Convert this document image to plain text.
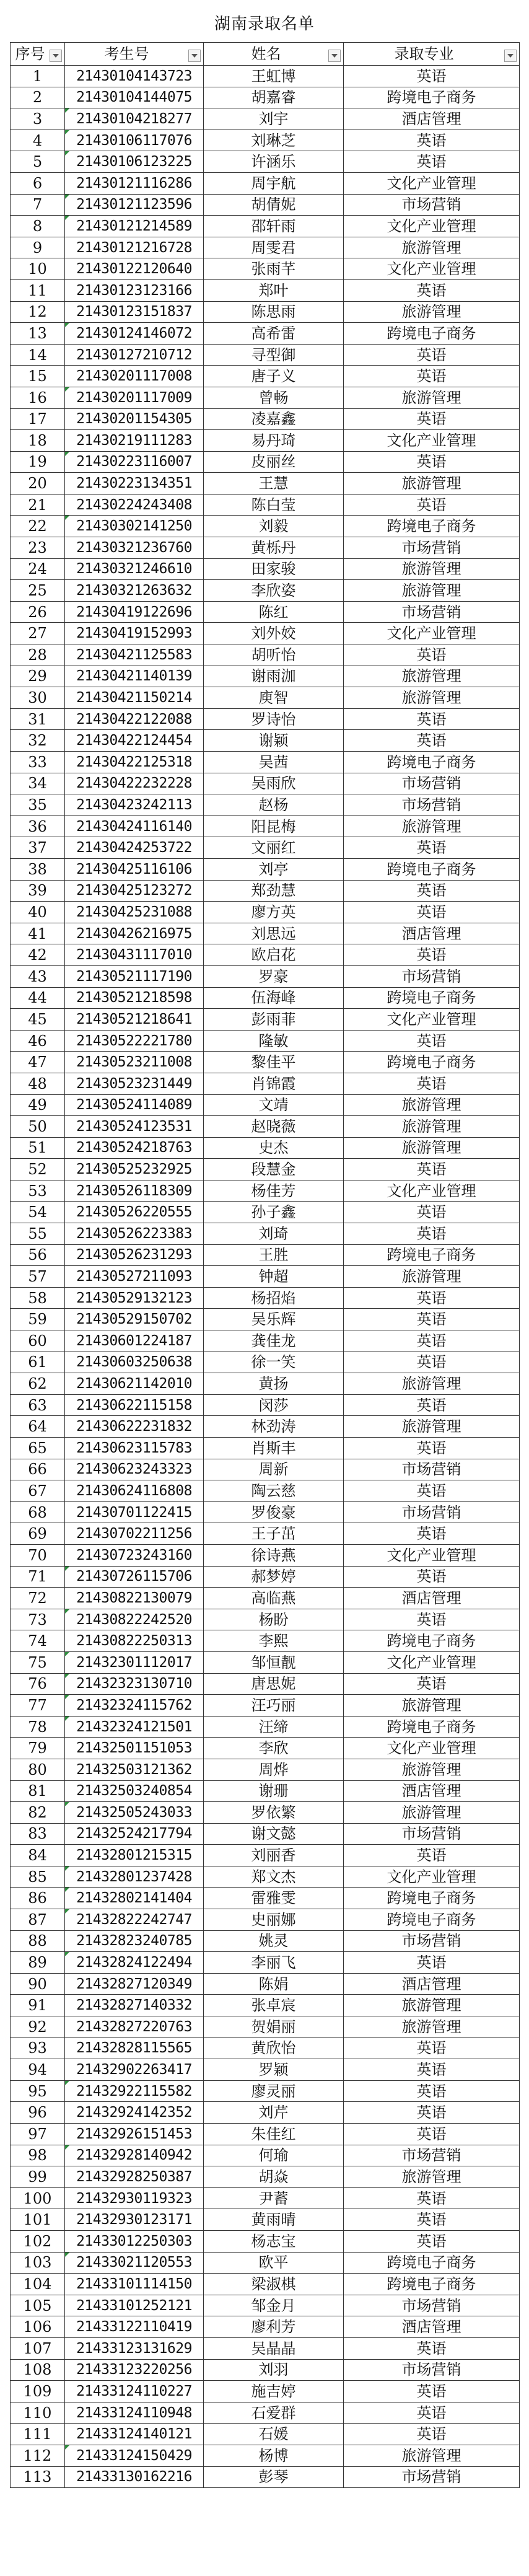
湖南录取名单
序号	考生号	姓名	录取专业
1	21430104143723	王虹博	英语
2	21430104144075	胡嘉睿	跨境电子商务
3	21430104218277	刘宇	酒店管理
4	21430106117076	刘琳芝	英语
5	21430106123225	许涵乐	英语
6	21430121116286	周宇航	文化产业管理
7	21430121123596	胡倩妮	市场营销
8	21430121214589	邵轩雨	文化产业管理
9	21430121216728	周雯君	旅游管理
10	21430122120640	张雨芊	文化产业管理
11	21430123123166	郑叶	英语
12	21430123151837	陈思雨	旅游管理
13	21430124146072	高希雷	跨境电子商务
14	21430127210712	寻型御	英语
15	21430201117008	唐子义	英语
16	21430201117009	曾畅	旅游管理
17	21430201154305	凌嘉鑫	英语
18	21430219111283	易丹琦	文化产业管理
19	21430223116007	皮丽丝	英语
20	21430223134351	王慧	旅游管理
21	21430224243408	陈白莹	英语
22	21430302141250	刘毅	跨境电子商务
23	21430321236760	黄栎丹	市场营销
24	21430321246610	田家骏	旅游管理
25	21430321263632	李欣姿	旅游管理
26	21430419122696	陈红	市场营销
27	21430419152993	刘外姣	文化产业管理
28	21430421125583	胡听怡	英语
29	21430421140139	谢雨泇	旅游管理
30	21430421150214	庾智	旅游管理
31	21430422122088	罗诗怡	英语
32	21430422124454	谢颖	英语
33	21430422125318	吴茜	跨境电子商务
34	21430422232228	吴雨欣	市场营销
35	21430423242113	赵杨	市场营销
36	21430424116140	阳昆梅	旅游管理
37	21430424253722	文丽红	英语
38	21430425116106	刘亭	跨境电子商务
39	21430425123272	郑劲慧	英语
40	21430425231088	廖方英	英语
41	21430426216975	刘思远	酒店管理
42	21430431117010	欧启花	英语
43	21430521117190	罗豪	市场营销
44	21430521218598	伍海峰	跨境电子商务
45	21430521218641	彭雨菲	文化产业管理
46	21430522221780	隆敏	英语
47	21430523211008	黎佳平	跨境电子商务
48	21430523231449	肖锦霞	英语
49	21430524114089	文靖	旅游管理
50	21430524123531	赵晓薇	旅游管理
51	21430524218763	史杰	旅游管理
52	21430525232925	段慧金	英语
53	21430526118309	杨佳芳	文化产业管理
54	21430526220555	孙子鑫	英语
55	21430526223383	刘琦	英语
56	21430526231293	王胜	跨境电子商务
57	21430527211093	钟超	旅游管理
58	21430529132123	杨招焰	英语
59	21430529150702	吴乐辉	英语
60	21430601224187	龚佳龙	英语
61	21430603250638	徐一笑	英语
62	21430621142010	黄扬	旅游管理
63	21430622115158	闵莎	英语
64	21430622231832	林劲涛	旅游管理
65	21430623115783	肖斯丰	英语
66	21430623243323	周新	市场营销
67	21430624116808	陶云慈	英语
68	21430701122415	罗俊豪	市场营销
69	21430702211256	王子茁	英语
70	21430723243160	徐诗燕	文化产业管理
71	21430726115706	郝梦婷	英语
72	21430822130079	高临燕	酒店管理
73	21430822242520	杨盼	英语
74	21430822250313	李熙	跨境电子商务
75	21432301112017	邹恒靓	文化产业管理
76	21432323130710	唐思妮	英语
77	21432324115762	汪巧丽	旅游管理
78	21432324121501	汪缔	跨境电子商务
79	21432501151053	李欣	文化产业管理
80	21432503121362	周烨	旅游管理
81	21432503240854	谢珊	酒店管理
82	21432505243033	罗依繁	旅游管理
83	21432524217794	谢文懿	市场营销
84	21432801215315	刘丽香	英语
85	21432801237428	郑文杰	文化产业管理
86	21432802141404	雷雅雯	跨境电子商务
87	21432822242747	史丽娜	跨境电子商务
88	21432823240785	姚灵	市场营销
89	21432824122494	李丽飞	英语
90	21432827120349	陈娟	酒店管理
91	21432827140332	张卓宸	旅游管理
92	21432827220763	贺娟丽	旅游管理
93	21432828115565	黄欣怡	英语
94	21432902263417	罗颖	英语
95	21432922115582	廖灵丽	英语
96	21432924142352	刘芹	英语
97	21432926151453	朱佳红	英语
98	21432928140942	何瑜	市场营销
99	21432928250387	胡焱	旅游管理
100	21432930119323	尹蓄	英语
101	21432930123171	黄雨晴	英语
102	21433012250303	杨志宝	英语
103	21433021120553	欧平	跨境电子商务
104	21433101114150	梁淑棋	跨境电子商务
105	21433101252121	邹金月	市场营销
106	21433122110419	廖利芳	酒店管理
107	21433123131629	吴晶晶	英语
108	21433123220256	刘羽	市场营销
109	21433124110227	施吉婷	英语
110	21433124110948	石爱群	英语
111	21433124140121	石媛	英语
112	21433124150429	杨博	旅游管理
113	21433130162216	彭琴	市场营销
